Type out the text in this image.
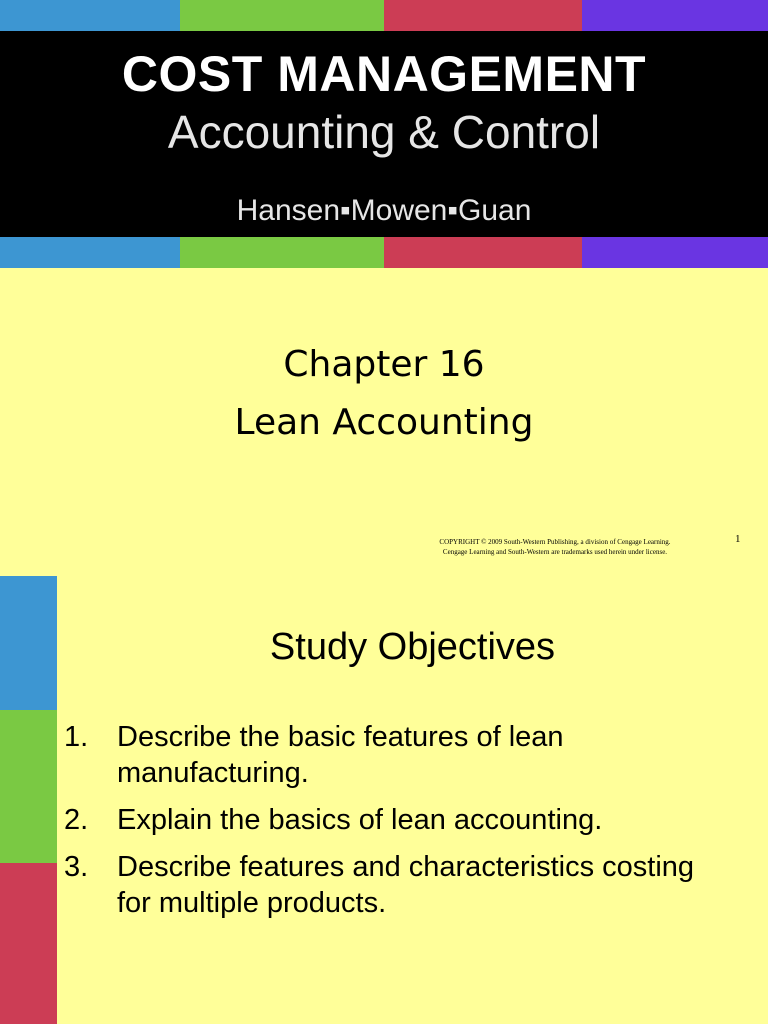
COST MANAGEMENT
Accounting & Control
Hansen▪Mowen▪Guan
Chapter 16
Lean Accounting
COPYRIGHT © 2009 South-Western Publishing, a division of Cengage Learning.
Cengage Learning and South-Western are trademarks used herein under license.
1
Study Objectives
1. Describe the basic features of lean manufacturing.
2. Explain the basics of lean accounting.
3. Describe features and characteristics costing for multiple products.
